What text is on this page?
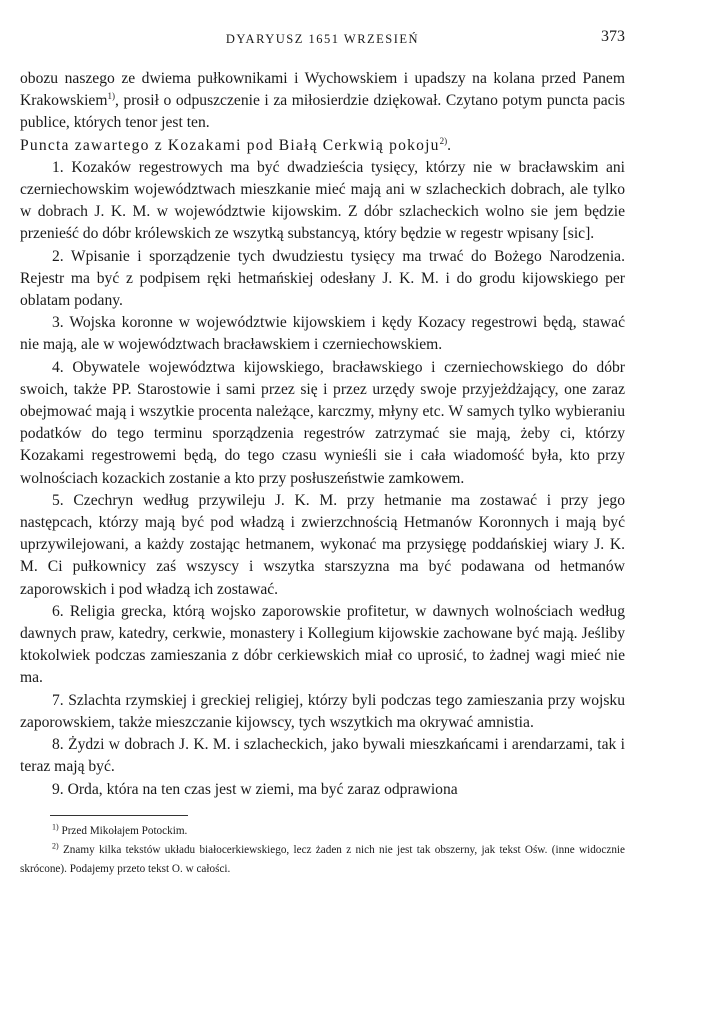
DYARYUSZ 1651 WRZESIEŃ	373

obozu naszego ze dwiema pułkownikami i Wychowskiem i upadszy na kolana przed Panem Krakowskiem$^{1)}$, prosił o odpuszczenie i za miłosierdzie dziękował. Czytano potym puncta pacis publice, których tenor jest ten.

Puncta zawartego z Kozakami pod Białą Cerkwią pokoju$^{2)}$.

1. Kozaków regestrowych ma być dwadzieścia tysięcy, którzy nie w bracławskim ani czerniechowskim województwach mieszkanie mieć mają ani w szlacheckich dobrach, ale tylko w dobrach J. K. M. w województwie kijowskim. Z dóbr szlacheckich wolno sie jem będzie przenieść do dóbr królewskich ze wszytką substancyą, który będzie w regestr wpisany [sic].

2. Wpisanie i sporządzenie tych dwudziestu tysięcy ma trwać do Bożego Narodzenia. Rejestr ma być z podpisem ręki hetmańskiej odesłany J. K. M. i do grodu kijowskiego per oblatam podany.

3. Wojska koronne w województwie kijowskiem i kędy Kozacy regestrowi będą, stawać nie mają, ale w województwach bracławskiem i czerniechowskiem.

4. Obywatele województwa kijowskiego, bracławskiego i czerniechowskiego do dóbr swoich, także PP. Starostowie i sami przez się i przez urzędy swoje przyjeżdżający, one zaraz obejmować mają i wszytkie procenta należące, karczmy, młyny etc. W samych tylko wybieraniu podatków do tego terminu sporządzenia regestrów zatrzymać sie mają, żeby ci, którzy Kozakami regestrowemi będą, do tego czasu wynieśli sie i cała wiadomość była, kto przy wolnościach kozackich zostanie a kto przy posłuszeństwie zamkowem.

5. Czechryn według przywileju J. K. M. przy hetmanie ma zostawać i przy jego następcach, którzy mają być pod władzą i zwierzchnością Hetmanów Koronnych i mają być uprzywilejowani, a każdy zostając hetmanem, wykonać ma przysięgę poddańskiej wiary J. K. M. Ci pułkownicy zaś wszyscy i wszytka starszyzna ma być podawana od hetmanów zaporowskich i pod władzą ich zostawać.

6. Religia grecka, którą wojsko zaporowskie profitetur, w dawnych wolnościach według dawnych praw, katedry, cerkwie, monastery i Kollegium kijowskie zachowane być mają. Jeśliby ktokolwiek podczas zamieszania z dóbr cerkiewskich miał co uprosić, to żadnej wagi mieć nie ma.

7. Szlachta rzymskiej i greckiej religiej, którzy byli podczas tego zamieszania przy wojsku zaporowskiem, także mieszczanie kijowscy, tych wszytkich ma okrywać amnistia.

8. Żydzi w dobrach J. K. M. i szlacheckich, jako bywali mieszkańcami i arendarzami, tak i teraz mają być.

9. Orda, która na ten czas jest w ziemi, ma być zaraz odprawiona

$^{1)}$ Przed Mikołajem Potockim.

$^{2)}$ Znamy kilka tekstów układu białocerkiewskiego, lecz żaden z nich nie jest tak obszerny, jak tekst Ośw. (inne widocznie skrócone). Podajemy przeto tekst O. w całości.
